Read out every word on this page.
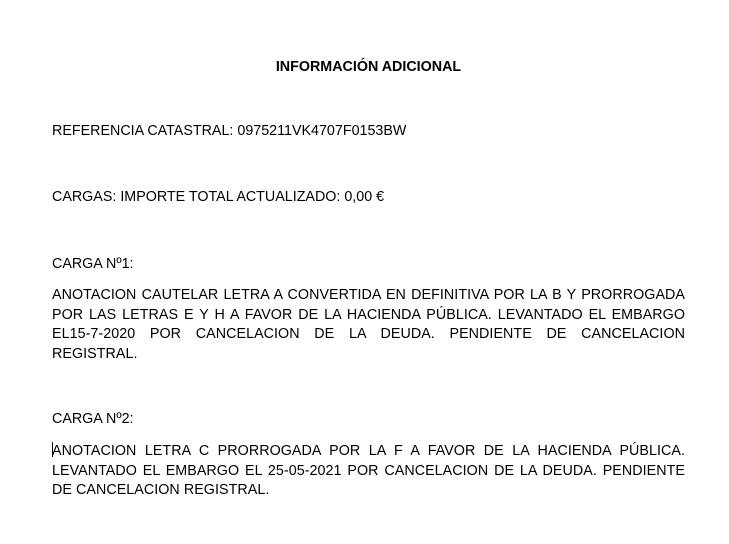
INFORMACIÓN ADICIONAL
REFERENCIA CATASTRAL: 0975211VK4707F0153BW
CARGAS: IMPORTE TOTAL ACTUALIZADO: 0,00 €
CARGA Nº1:
ANOTACION CAUTELAR LETRA A CONVERTIDA EN DEFINITIVA POR LA B Y PRORROGADA POR LAS LETRAS E Y H A FAVOR DE LA HACIENDA PÚBLICA. LEVANTADO EL EMBARGO EL15-7-2020 POR CANCELACION DE LA DEUDA. PENDIENTE DE CANCELACION REGISTRAL.
CARGA Nº2:
ANOTACION LETRA C PRORROGADA POR LA F A FAVOR DE LA HACIENDA PÚBLICA. LEVANTADO EL EMBARGO EL 25-05-2021 POR CANCELACION DE LA DEUDA. PENDIENTE DE CANCELACION REGISTRAL.
